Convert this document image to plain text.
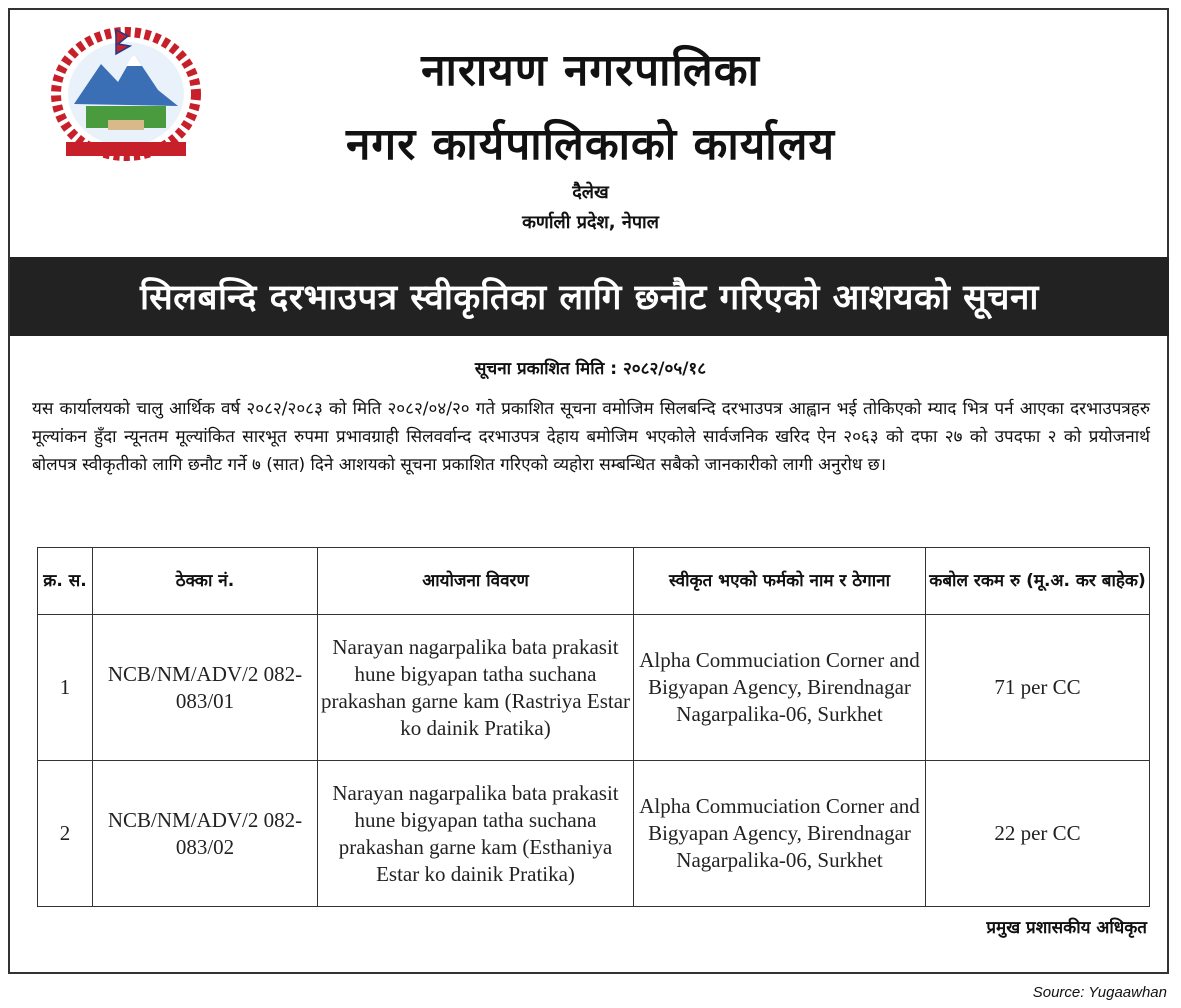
नारायण नगरपालिका
नगर कार्यपालिकाको कार्यालय
दैलेख
कर्णाली प्रदेश, नेपाल
सिलबन्दि दरभाउपत्र स्वीकृतिका लागि छनौट गरिएको आशयको सूचना
सूचना प्रकाशित मिति : २०८२/०५/१८
यस कार्यालयको चालु आर्थिक वर्ष २०८२/२०८३ को मिति २०८२/०४/२० गते प्रकाशित सूचना वमोजिम सिलबन्दि दरभाउपत्र आह्वान भई तोकिएको म्याद भित्र पर्न आएका दरभाउपत्रहरु मूल्यांकन हुँदा न्यूनतम मूल्यांकित सारभूत रुपमा प्रभावग्राही सिलवर्वान्द दरभाउपत्र देहाय बमोजिम भएकोले सार्वजनिक खरिद ऐन २०६३ को दफा २७ को उपदफा २ को प्रयोजनार्थ बोलपत्र स्वीकृतीको लागि छनौट गर्ने ७ (सात) दिने आशयको सूचना प्रकाशित गरिएको व्यहोरा सम्बन्धित सबैको जानकारीको लागी अनुरोध छ।
क्र. स.	ठेक्का नं.	आयोजना विवरण	स्वीकृत भएको फर्मको नाम र ठेगाना	कबोल रकम रु (मू.अ. कर बाहेक)
1	NCB/NM/ADV/2 082-083/01	Narayan nagarpalika bata prakasit hune bigyapan tatha suchana prakashan garne kam (Rastriya Estar ko dainik Pratika)	Alpha Commuciation Corner and Bigyapan Agency, Birendnagar Nagarpalika-06, Surkhet	71 per CC
2	NCB/NM/ADV/2 082-083/02	Narayan nagarpalika bata prakasit hune bigyapan tatha suchana prakashan garne kam (Esthaniya Estar ko dainik Pratika)	Alpha Commuciation Corner and Bigyapan Agency, Birendnagar Nagarpalika-06, Surkhet	22 per CC
प्रमुख प्रशासकीय अधिकृत
Source: Yugaawhan
